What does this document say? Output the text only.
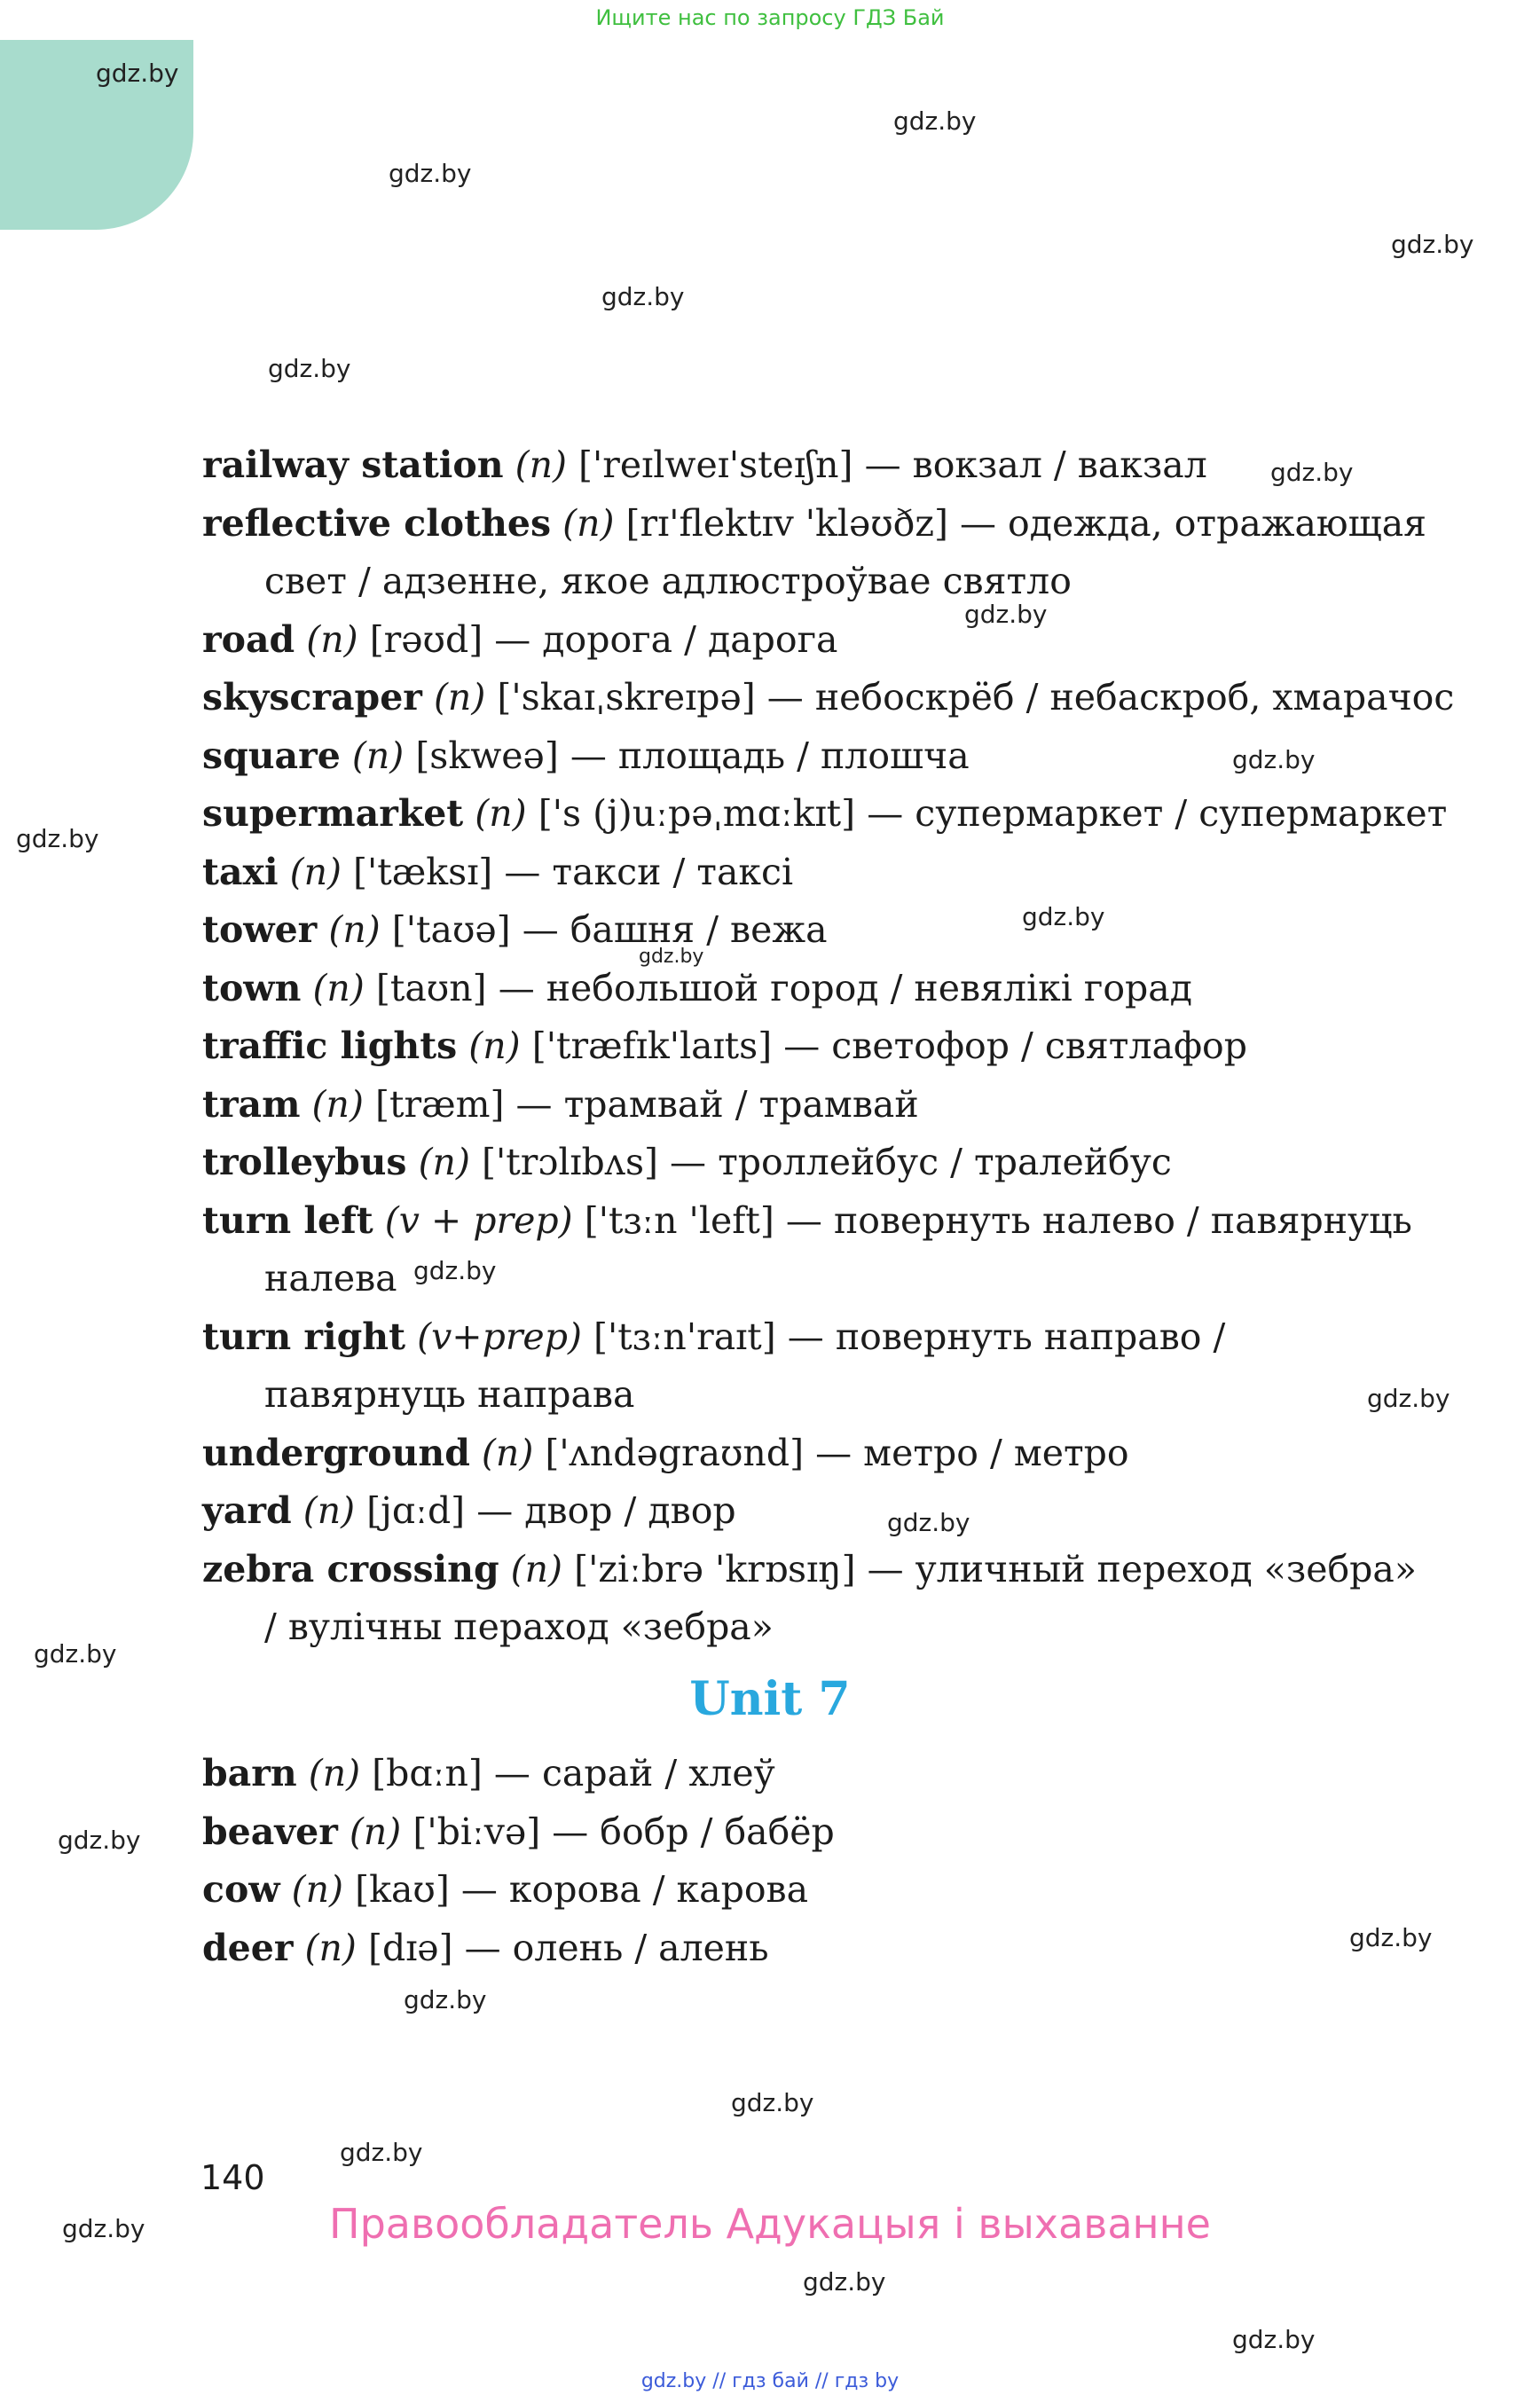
Ищите нас по запросу ГДЗ Бай
gdz.by
gdz.by
gdz.by
gdz.by
gdz.by
gdz.by
gdz.by
gdz.by
gdz.by
gdz.by
gdz.by
gdz.by
gdz.by
gdz.by
gdz.by
gdz.by
gdz.by
gdz.by
gdz.by
gdz.by
gdz.by
gdz.by
gdz.by
gdz.by

railway station (n) ['reɪlweɪ'steɪʃn] — вокзал / вакзал

reflective clothes (n) [rɪ'flektɪv 'kləʊðz] — одежда, отражающая свет / адзенне, якое адлюстроўвае святло

road (n) [rəʊd] — дорога / дарога

skyscraper (n) ['skaɪˌskreɪpə] — небоскрёб / небаскроб, хмарачос

square (n) [skweə] — площадь / плошча

supermarket (n) ['s (j)uːpəˌmɑːkɪt] — супермаркет / супермаркет

taxi (n) ['tæksɪ] — такси / таксі

tower (n) ['taʊə] — башня / вежа

town (n) [taʊn] — небольшой город / невялікі горад

traffic lights (n) ['træfɪk'laɪts] — светофор / святлафор

tram (n) [træm] — трамвай / трамвай

trolleybus (n) ['trɔlɪbʌs] — троллейбус / тралейбус

turn left (v + prep) ['tɜːn 'left] — повернуть налево / павярнуць налева

turn right (v+prep) ['tɜːn'raɪt] — повернуть направо / павярнуць направа

underground (n) ['ʌndəgraʊnd] — метро / метро

yard (n) [jɑːd] — двор / двор

zebra crossing (n) ['ziːbrə 'krɒsɪŋ] — уличный переход «зебра» / вулічны пераход «зебра»

Unit 7

barn (n) [bɑːn] — сарай / хлеў

beaver (n) ['biːvə] — бобр / бабёр

cow (n) [kaʊ] — корова / карова

deer (n) [dɪə] — олень / алень

140
Правообладатель Адукацыя і выхаванне
gdz.by // гдз бай // гдз by
